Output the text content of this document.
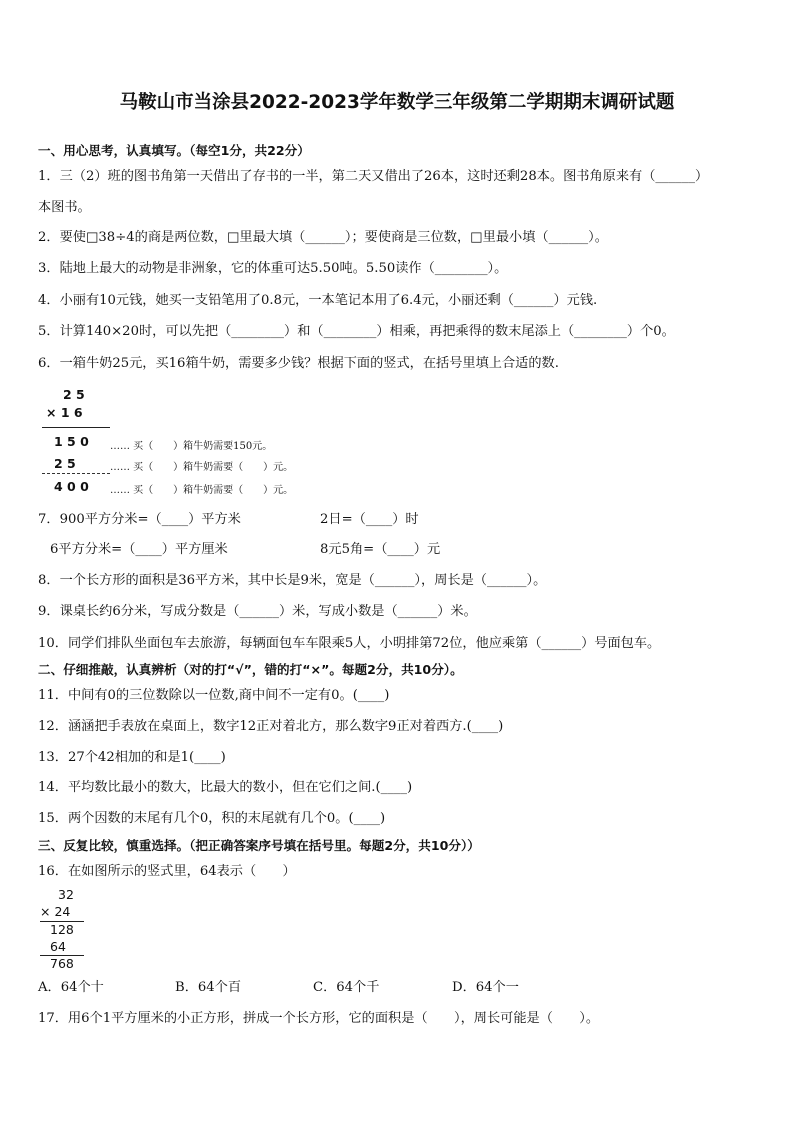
马鞍山市当涂县2022-2023学年数学三年级第二学期期末调研试题
一、用心思考，认真填写。（每空1分，共22分）
1．三（2）班的图书角第一天借出了存书的一半，第二天又借出了26本，这时还剩28本。图书角原来有（______）
本图书。
2．要使□38÷4的商是两位数，□里最大填（______）；要使商是三位数，□里最小填（______）。
3．陆地上最大的动物是非洲象，它的体重可达5.50吨。5.50读作（________）。
4．小丽有10元钱，她买一支铅笔用了0.8元，一本笔记本用了6.4元，小丽还剩（______）元钱.
5．计算140×20时，可以先把（________）和（________）相乘，再把乘得的数末尾添上（________）个0。
6．一箱牛奶25元，买16箱牛奶，需要多少钱？根据下面的竖式，在括号里填上合适的数.
2 5
× 1 6
1 5 0 …… 买（　　）箱牛奶需要150元。
2 5	…… 买（　　）箱牛奶需要（　　）元。
4 0 0 …… 买（　　）箱牛奶需要（　　）元。
7．900平方分米=（____）平方米	2日=（____）时
6平方分米=（____）平方厘米	8元5角=（____）元
8．一个长方形的面积是36平方米，其中长是9米，宽是（______），周长是（______）。
9．课桌长约6分米，写成分数是（______）米，写成小数是（______）米。
10．同学们排队坐面包车去旅游，每辆面包车车限乘5人，小明排第72位，他应乘第（______）号面包车。
二、仔细推敲，认真辨析（对的打“√”，错的打“×”。每题2分，共10分）。
11．中间有0的三位数除以一位数,商中间不一定有0。(____)
12．涵涵把手表放在桌面上，数字12正对着北方，那么数字9正对着西方.(____)
13．27个42相加的和是1(____)
14．平均数比最小的数大，比最大的数小，但在它们之间.(____)
15．两个因数的末尾有几个0，积的末尾就有几个0。(____)
三、反复比较，慎重选择。（把正确答案序号填在括号里。每题2分，共10分））
16．在如图所示的竖式里，64表示（　　）
32
× 24
128
64
768
A．64个十	B．64个百	C．64个千	D．64个一
17．用6个1平方厘米的小正方形，拼成一个长方形，它的面积是（　　），周长可能是（　　）。
